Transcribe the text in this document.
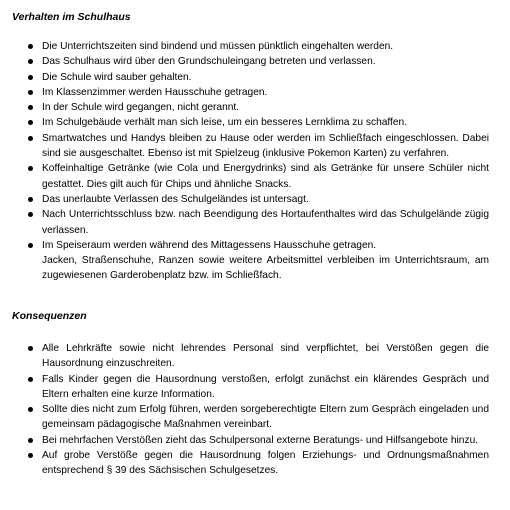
Verhalten im Schulhaus
Die Unterrichtszeiten sind bindend und müssen pünktlich eingehalten werden.
Das Schulhaus wird über den Grundschuleingang betreten und verlassen.
Die Schule wird sauber gehalten.
Im Klassenzimmer werden Hausschuhe getragen.
In der Schule wird gegangen, nicht gerannt.
Im Schulgebäude verhält man sich leise, um ein besseres Lernklima zu schaffen.
Smartwatches und Handys bleiben zu Hause oder werden im Schließfach eingeschlossen. Dabei sind sie ausgeschaltet. Ebenso ist mit Spielzeug (inklusive Pokemon Karten) zu verfahren.
Koffeinhaltige Getränke (wie Cola und Energydrinks) sind als Getränke für unsere Schüler nicht gestattet. Dies gilt auch für Chips und ähnliche Snacks.
Das unerlaubte Verlassen des Schulgeländes ist untersagt.
Nach Unterrichtsschluss bzw. nach Beendigung des Hortaufenthaltes wird das Schulgelände zügig verlassen.
Im Speiseraum werden während des Mittagessens Hausschuhe getragen.
Jacken, Straßenschuhe, Ranzen sowie weitere Arbeitsmittel verbleiben im Unterrichtsraum, am zugewiesenen Garderobenplatz bzw. im Schließfach.
Konsequenzen
Alle Lehrkräfte sowie nicht lehrendes Personal sind verpflichtet, bei Verstößen gegen die Hausordnung einzuschreiten.
Falls Kinder gegen die Hausordnung verstoßen, erfolgt zunächst ein klärendes Gespräch und Eltern erhalten eine kurze Information.
Sollte dies nicht zum Erfolg führen, werden sorgeberechtigte Eltern zum Gespräch eingeladen und gemeinsam pädagogische Maßnahmen vereinbart.
Bei mehrfachen Verstößen zieht das Schulpersonal externe Beratungs- und Hilfsangebote hinzu.
Auf grobe Verstöße gegen die Hausordnung folgen Erziehungs- und Ordnungsmaßnahmen entsprechend § 39 des Sächsischen Schulgesetzes.
